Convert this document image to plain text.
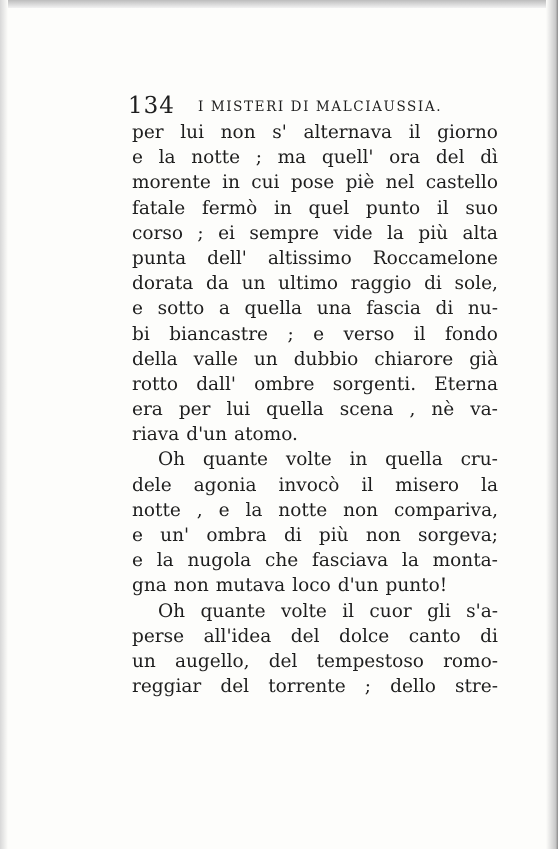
134 I MISTERI DI MALCIAUSSIA.
per lui non s' alternava il giorno
e la notte ; ma quell' ora del dì
morente in cui pose piè nel castello
fatale fermò in quel punto il suo
corso ; ei sempre vide la più alta
punta dell' altissimo Roccamelone
dorata da un ultimo raggio di sole,
e sotto a quella una fascia di nu-
bi biancastre ; e verso il fondo
della valle un dubbio chiarore già
rotto dall' ombre sorgenti. Eterna
era per lui quella scena , nè va-
riava d'un atomo.
Oh quante volte in quella cru-
dele agonia invocò il misero la
notte , e la notte non compariva,
e un' ombra di più non sorgeva;
e la nugola che fasciava la monta-
gna non mutava loco d'un punto!
Oh quante volte il cuor gli s'a-
perse all'idea del dolce canto di
un augello, del tempestoso romo-
reggiar del torrente ; dello stre-
